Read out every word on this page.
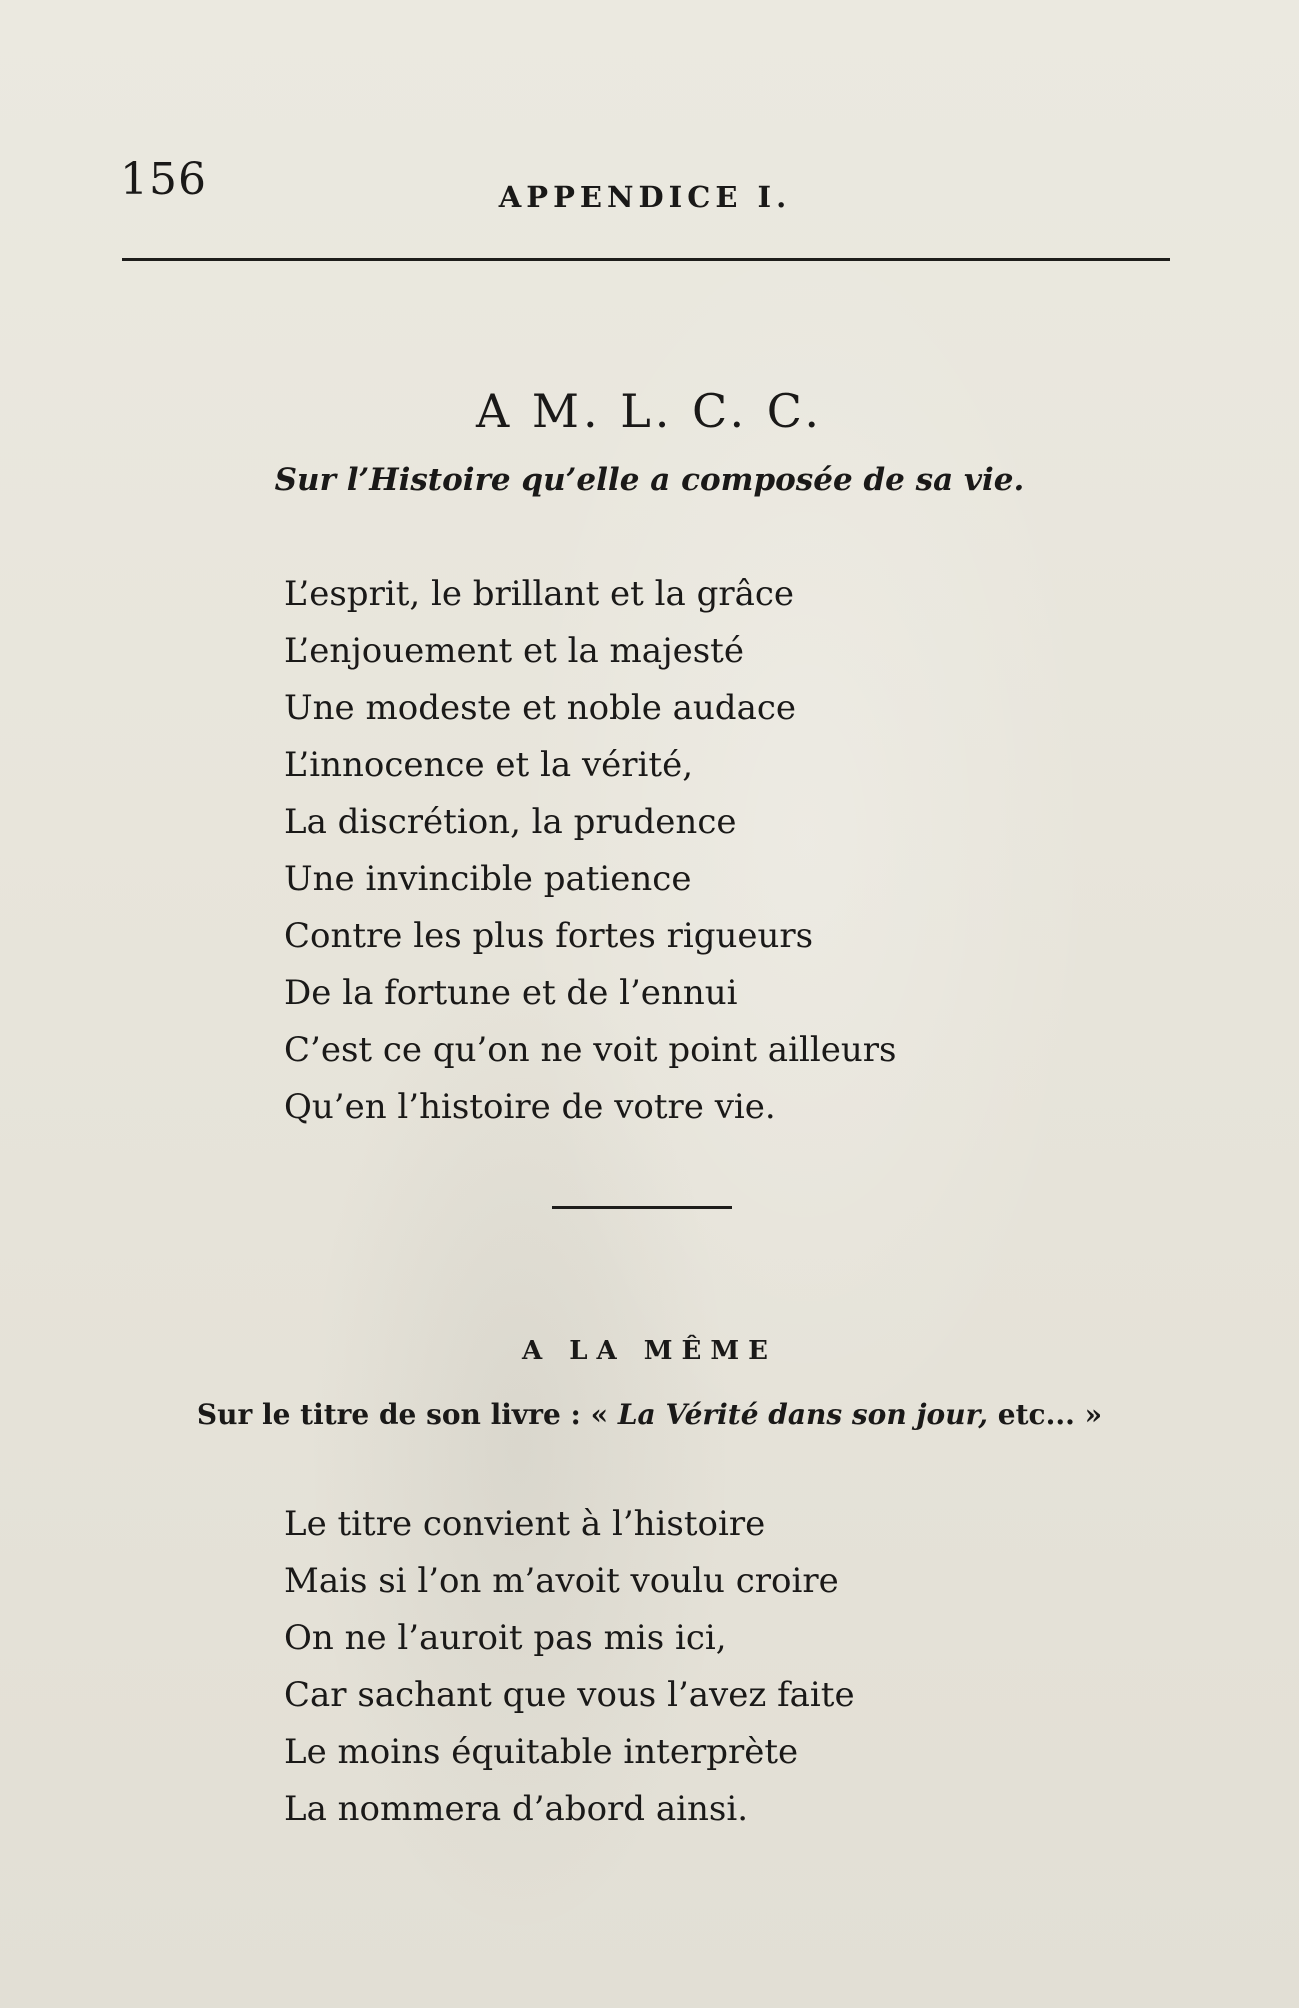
156	APPENDICE I.
A M. L. C. C.
Sur l’Histoire qu’elle a composée de sa vie.
L’esprit, le brillant et la grâce
L’enjouement et la majesté
Une modeste et noble audace
L’innocence et la vérité,
La discrétion, la prudence
Une invincible patience
Contre les plus fortes rigueurs
De la fortune et de l’ennui
C’est ce qu’on ne voit point ailleurs
Qu’en l’histoire de votre vie.
A LA MÊME
Sur le titre de son livre : « La Vérité dans son jour, etc... »
Le titre convient à l’histoire
Mais si l’on m’avoit voulu croire
On ne l’auroit pas mis ici,
Car sachant que vous l’avez faite
Le moins équitable interprète
La nommera d’abord ainsi.
